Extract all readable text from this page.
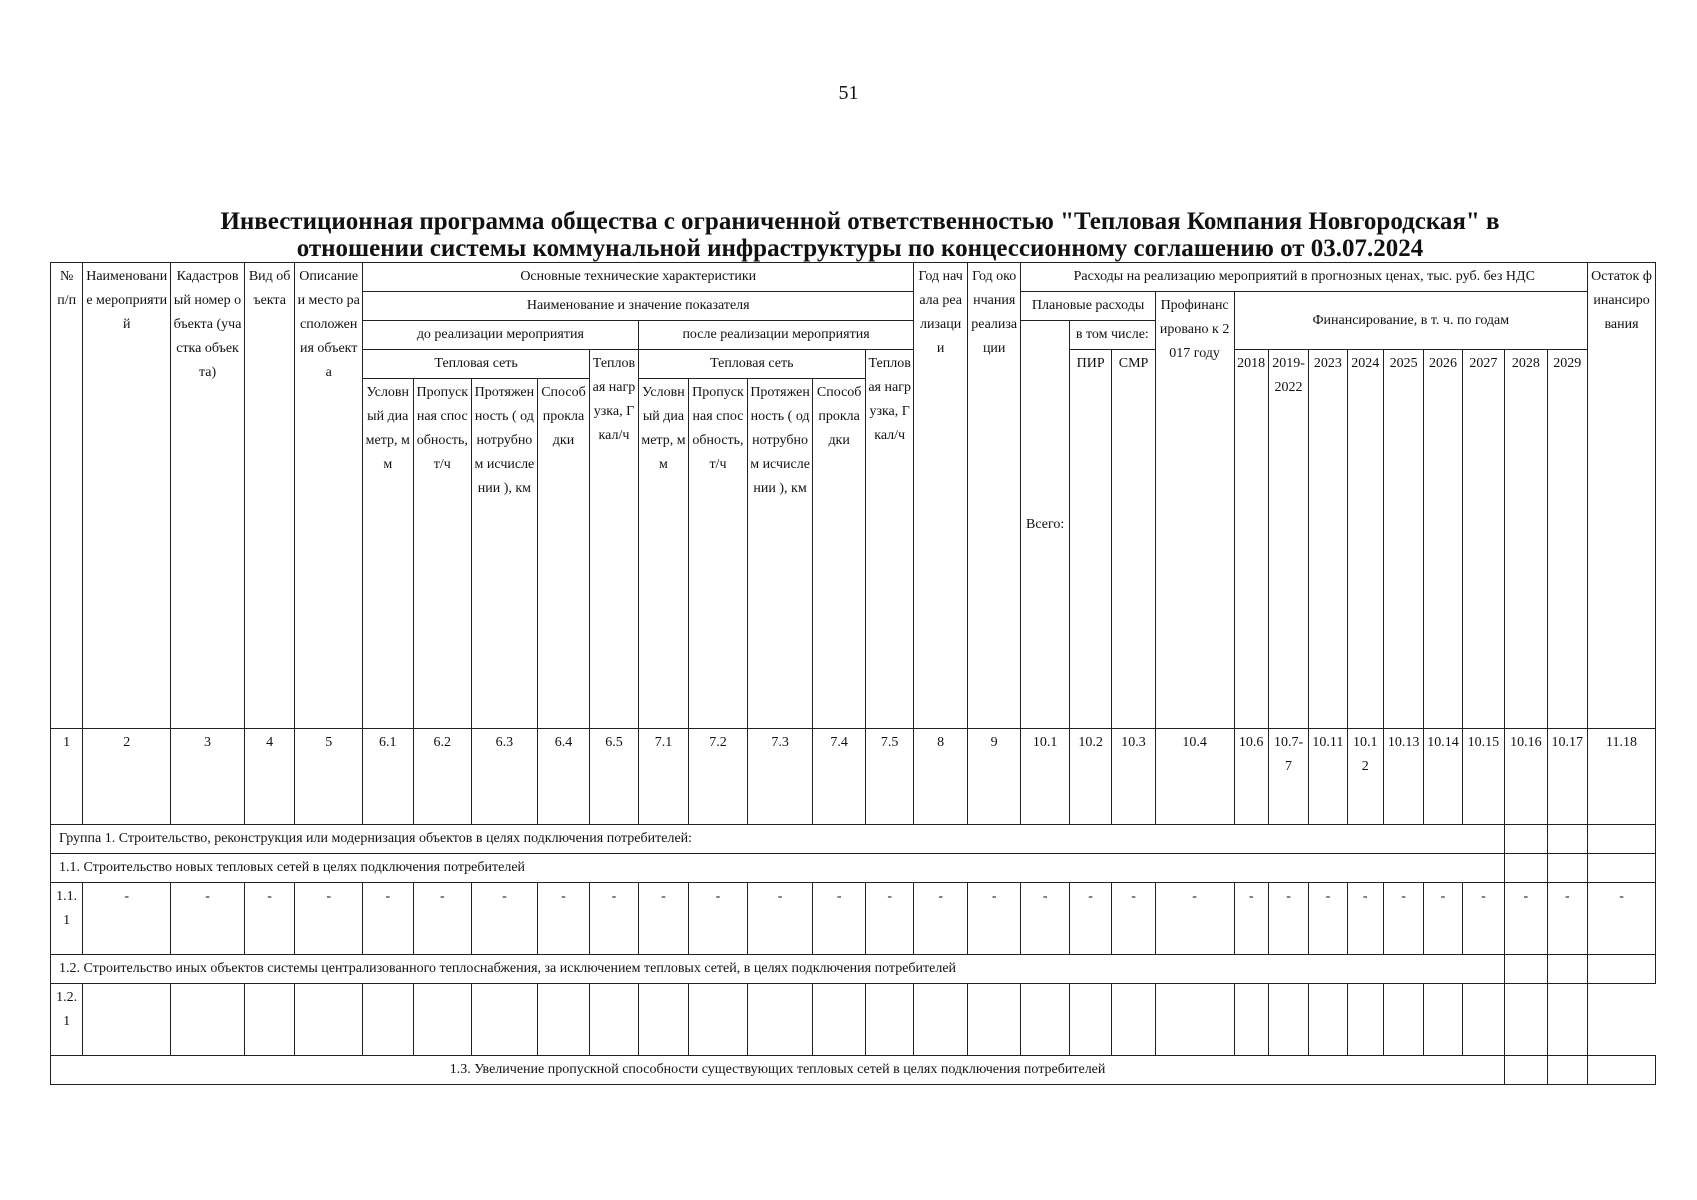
51
Инвестиционная программа общества с ограниченной ответственностью "Тепловая Компания Новгородская" в
отношении системы коммунальной инфраструктуры по концессионному соглашению от 03.07.2024
№ п/п	Наименование мероприятий	Кадастровый номер объекта (участка объекта)	Вид объекта	Описание и место расположения объекта	Основные технические характеристики										Год начала реализации	Год окончания реализации	Расходы на реализацию мероприятий в прогнозных ценах, тыс. руб. без НДС													Остаток финансирования
					Наименование и значение показателя												Плановые расходы			Профинансировано к 2017 году	Финансирование, в т. ч. по годам									
					до реализации мероприятия					после реализации мероприятия							Всего:	в том числе:												
					Тепловая сеть				Тепловая нагрузка, Гкал/ч	Тепловая сеть				Тепловая нагрузка, Гкал/ч				ПИР	СМР		2018	2019-2022	2023	2024	2025	2026	2027	2028	2029	
					Условный диаметр, мм	Пропускная способность, т/ч	Протяженность ( однотрубном исчислении ), км	Способ прокладки		Условный диаметр, мм	Пропускная способность, т/ч	Протяженность ( однотрубном исчислении ), км	Способ прокладки																	
1	2	3	4	5	6.1	6.2	6.3	6.4	6.5	7.1	7.2	7.3	7.4	7.5	8	9	10.1	10.2	10.3	10.4	10.6	10.7-7	10.11	10.12	10.13	10.14	10.15	10.16	10.17	11.18
Группа 1. Строительство, реконструкция или модернизация объектов в целях подключения потребителей:																														
1.1. Строительство новых тепловых сетей в целях подключения потребителей																														
1.1.1	-	-	-	-	-	-	-	-	-	-	-	-	-	-	-	-	-	-	-	-	-	-	-	-	-	-	-	-	-	-
1.2. Строительство иных объектов системы централизованного теплоснабжения, за исключением тепловых сетей, в целях подключения потребителей																														
1.2.1																														
1.3. Увеличение пропускной способности существующих тепловых сетей в целях подключения потребителей																														
